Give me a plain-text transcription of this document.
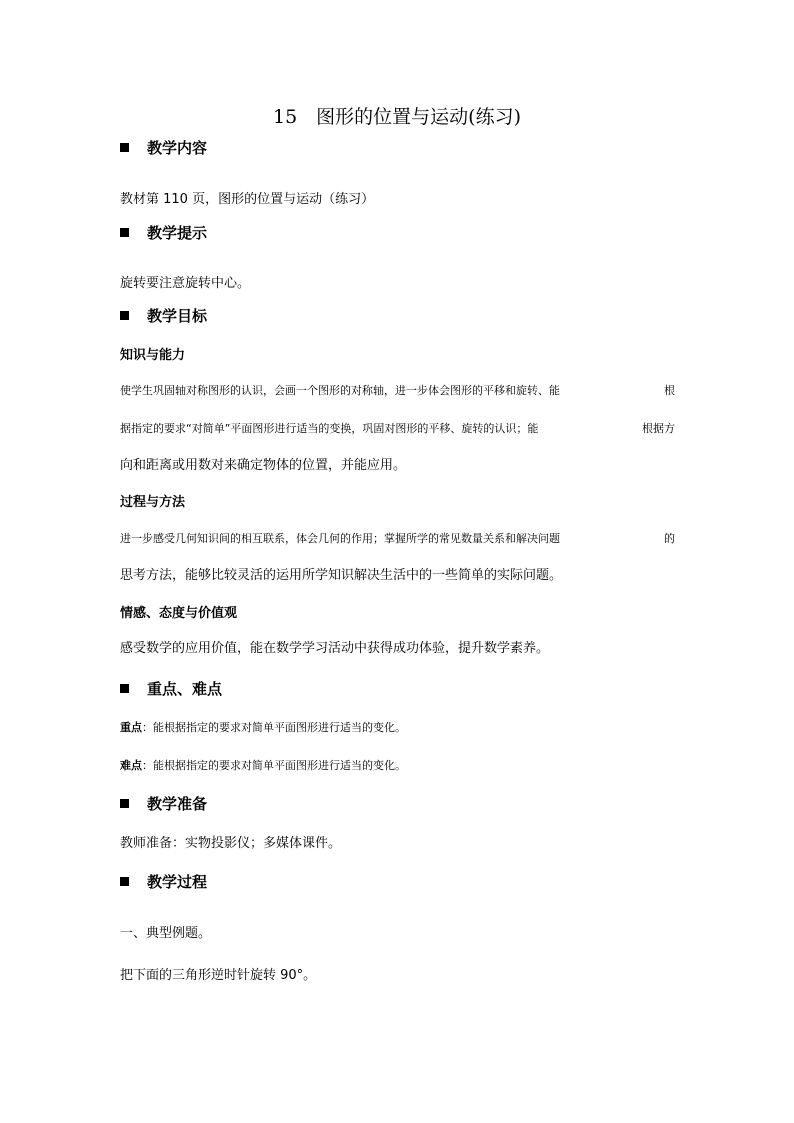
15　图形的位置与运动(练习)
教学内容
教材第 110 页，图形的位置与运动（练习）
教学提示
旋转要注意旋转中心。
教学目标
知识与能力
使学生巩固轴对称图形的认识，会画一个图形的对称轴，进一步体会图形的平移和旋转、能	根
据指定的要求“对简单”平面图形进行适当的变换，巩固对图形的平移、旋转的认识；能	根据方
向和距离或用数对来确定物体的位置，并能应用。
过程与方法
进一步感受几何知识间的相互联系，体会几何的作用；掌握所学的常见数量关系和解决问题	的
思考方法，能够比较灵活的运用所学知识解决生活中的一些简单的实际问题。
情感、态度与价值观
感受数学的应用价值，能在数学学习活动中获得成功体验，提升数学素养。
重点、难点
重点：能根据指定的要求对简单平面图形进行适当的变化。
难点：能根据指定的要求对简单平面图形进行适当的变化。
教学准备
教师准备：实物投影仪；多媒体课件。
教学过程
一、典型例题。
把下面的三角形逆时针旋转 90°。
